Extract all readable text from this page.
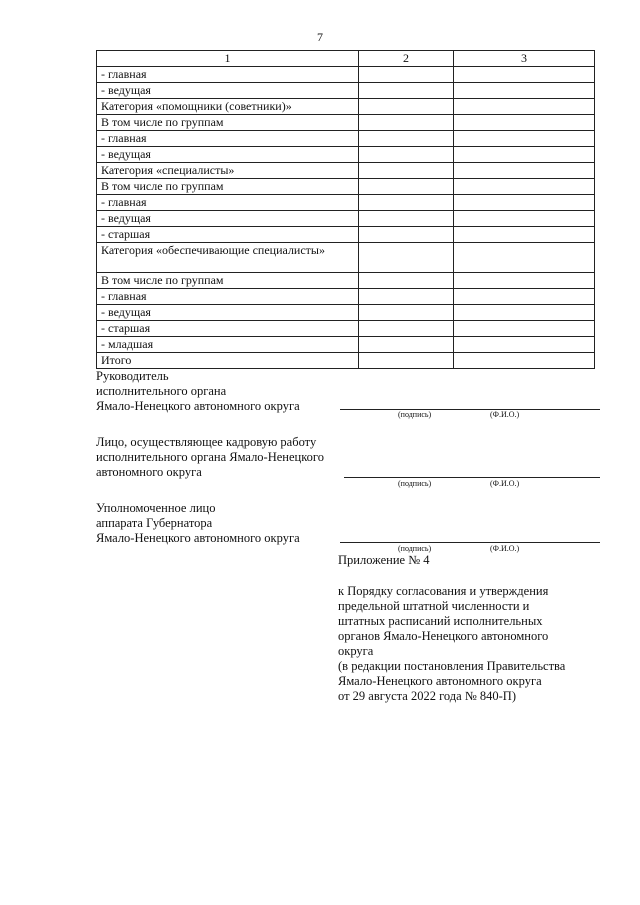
7
1	2	3
- главная		
- ведущая		
Категория «помощники (советники)»		
В том числе по группам		
- главная		
- ведущая		
Категория «специалисты»		
В том числе по группам		
- главная		
- ведущая		
- старшая		
Категория «обеспечивающие специалисты»		
В том числе по группам		
- главная		
- ведущая		
- старшая		
- младшая		
Итого		
Руководитель
исполнительного органа
Ямало-Ненецкого автономного округа
(подпись)	(Ф.И.О.)
Лицо, осуществляющее кадровую работу
исполнительного органа Ямало-Ненецкого
автономного округа
(подпись)	(Ф.И.О.)
Уполномоченное лицо
аппарата Губернатора
Ямало-Ненецкого автономного округа
(подпись)	(Ф.И.О.)
Приложение № 4
к Порядку согласования и утверждения
предельной штатной численности и
штатных расписаний исполнительных
органов Ямало-Ненецкого автономного
округа
(в редакции постановления Правительства
Ямало-Ненецкого автономного округа
от 29 августа 2022 года № 840-П)
